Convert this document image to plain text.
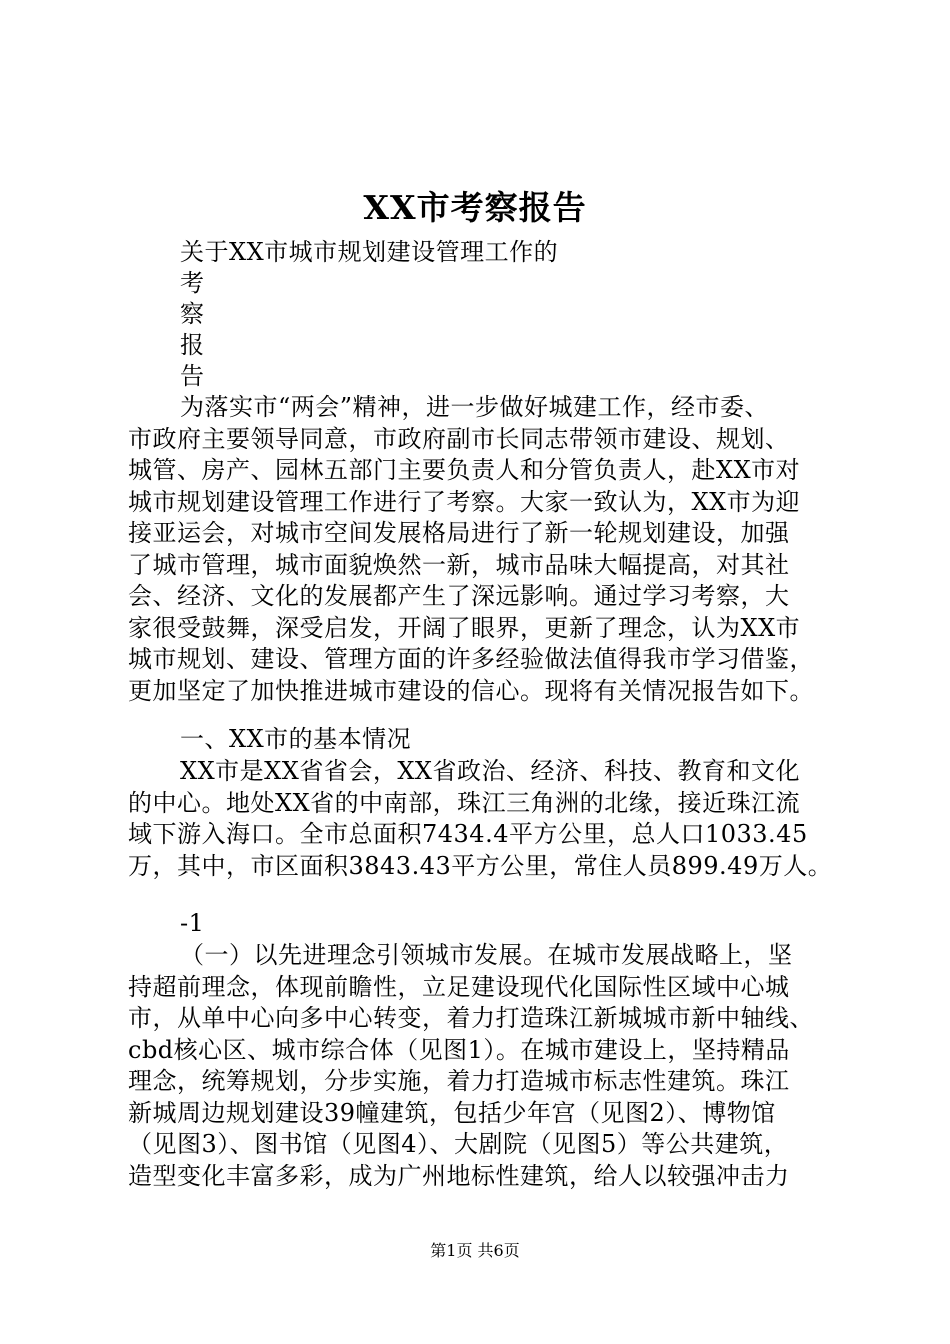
XX市考察报告
关于XX市城市规划建设管理工作的
考
察
报
告
为落实市“两会”精神，进一步做好城建工作，经市委、
市政府主要领导同意，市政府副市长同志带领市建设、规划、
城管、房产、园林五部门主要负责人和分管负责人，赴XX市对
城市规划建设管理工作进行了考察。大家一致认为，XX市为迎
接亚运会，对城市空间发展格局进行了新一轮规划建设，加强
了城市管理，城市面貌焕然一新，城市品味大幅提高，对其社
会、经济、文化的发展都产生了深远影响。通过学习考察，大
家很受鼓舞，深受启发，开阔了眼界，更新了理念，认为XX市
城市规划、建设、管理方面的许多经验做法值得我市学习借鉴，
更加坚定了加快推进城市建设的信心。现将有关情况报告如下。
一、XX市的基本情况
XX市是XX省省会，XX省政治、经济、科技、教育和文化
的中心。地处XX省的中南部，珠江三角洲的北缘，接近珠江流
域下游入海口。全市总面积7434.4平方公里，总人口1033.45
万，其中，市区面积3843.43平方公里，常住人员899.49万人。
-1
（一）以先进理念引领城市发展。在城市发展战略上，坚
持超前理念，体现前瞻性，立足建设现代化国际性区域中心城
市，从单中心向多中心转变，着力打造珠江新城城市新中轴线、
cbd核心区、城市综合体（见图1）。在城市建设上，坚持精品
理念，统筹规划，分步实施，着力打造城市标志性建筑。珠江
新城周边规划建设39幢建筑，包括少年宫（见图2）、博物馆
（见图3）、图书馆（见图4）、大剧院（见图5）等公共建筑，
造型变化丰富多彩，成为广州地标性建筑，给人以较强冲击力
第1页 共6页
